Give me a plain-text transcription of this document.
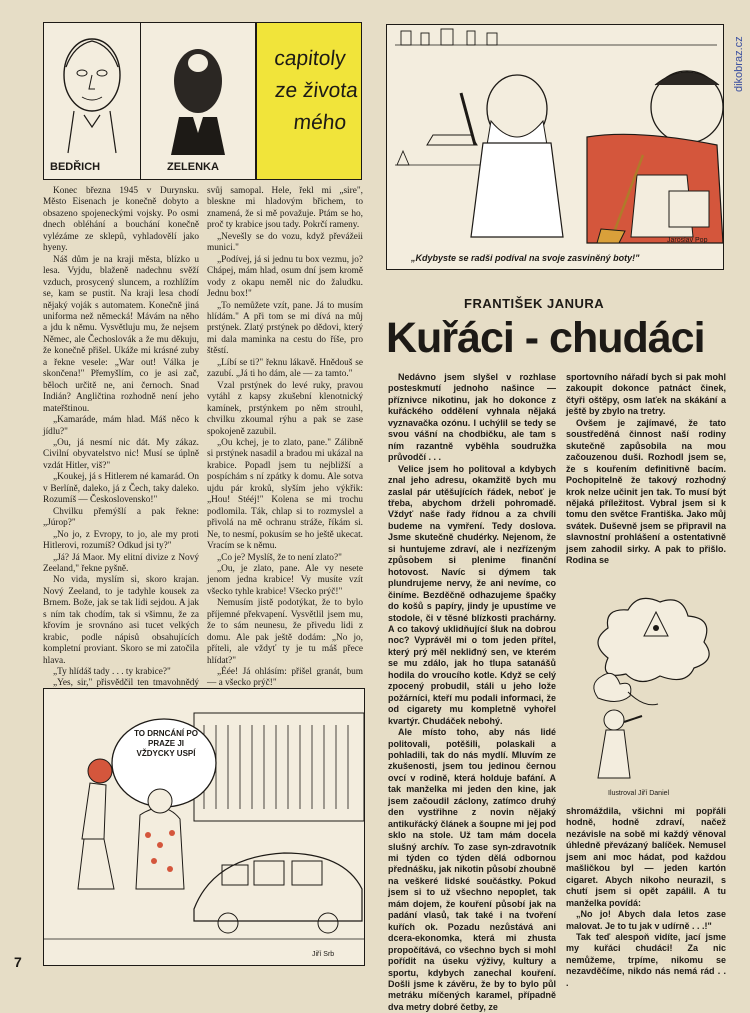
dikobraz.cz
BEDŘICH	ZELENKA
capitoly
ze života
mého

Konec března 1945 v Durynsku. Město Eisenach je konečně dobyto a obsazeno spojeneckými vojsky. Po osmi dnech obléhání a bouchání konečně vylézáme ze sklepů, vyhladovělí jako hyeny.

Náš dům je na kraji města, blízko u lesa. Vyjdu, blaženě nadechnu svěží vzduch, prosycený sluncem, a rozhlížím se, kam se pustit. Na kraji lesa chodí nějaký voják s automatem. Konečně jiná uniforma než německá! Mávám na něho a jdu k němu. Vysvětluju mu, že nejsem Němec, ale Čechoslovák a že mu děkuju, že konečně přišel. Ukáže mi krásné zuby a řekne vesele: „War out! Válka je skončena!" Přemyšlím, co je asi zač, běloch určitě ne, ani černoch. Snad Indián? Angličtina rozhodně není jeho mateřštinou.

„Kamaráde, mám hlad. Máš něco k jídlu?"

„Ou, já nesmí nic dát. My zákaz. Civilní obyvatelstvo nic! Musí se úplně vzdát Hitler, viš?"

„Koukej, já s Hitlerem né kamarád. On v Berlíně, daleko, já z Čech, taky daleko. Rozumíš — Československo!"

Chvilku přemýšlí a pak řekne: „Júrop?"

„No jo, z Evropy, to jo, ale my proti Hitlerovi, rozumíš? Odkud jsi ty?"

„Já? Já Maor. My elitní divize z Nový Zeeland," řekne pyšně.

No vida, myslím si, skoro krajan. Nový Zeeland, to je tadyhle kousek za Brnem. Bože, jak se tak lidi sejdou. A jak s ním tak chodím, tak si všimnu, že za křovím je srovnáno asi tucet velkých krabic, podle nápisů obsahujících kompletní proviant. Skoro se mi zatočila hlava.

„Ty hlídáš tady . . . ty krabice?"

„Yes, sir," přisvědčil ten tmavohnědý

svůj samopal. Hele, řekl mi „sire", bleskne mi hladovým břichem, to znamená, že si mě považuje. Ptám se ho, proč ty krabice jsou tady. Pokrčí rameny.

„Nevešly se do vozu, když převážeii munici."

„Podívej, já si jednu tu box vezmu, jo? Chápej, mám hlad, osum dní jsem kromě vody z okapu neměl nic do žaludku. Jednu box!"

„To nemůžete vzít, pane. Já to musím hlídám." A při tom se mi dívá na můj prstýnek. Zlatý prstýnek po dědovi, který mi dala maminka na cestu do říše, pro štěstí.

„Líbí se ti?" řeknu lákavě. Hnědouš se zazubí. „Já ti ho dám, ale — za tamto."

Vzal prstýnek do levé ruky, pravou vytáhl z kapsy zkušební klenotnický kamínek, prstýnkem po něm strouhl, chvilku zkoumal rýhu a pak se zase spokojeně zazubil.

„Ou kchej, je to zlato, pane." Zálibně si prstýnek nasadil a bradou mi ukázal na krabice. Popadl jsem tu nejbližší a pospíchám s ní zpátky k domu. Ale sotva ujdu pár kroků, slyším jeho výkřik: „Hou! Stééj!" Kolena se mi trochu podlomila. Ták, chlap si to rozmyslel a přivolá na mě ochranu stráže, říkám si. Ne, to nesmí, pokusím se ho ještě ukecat. Vracím se k němu.

„Co je? Myslíš, že to není zlato?"

„Ou, je zlato, pane. Ale vy nesete jenom jedna krabice! Vy musíte vzít všecko tyhle krabice! Všecko prýč!"

Nemusím jistě podotýkat, že to bylo příjemné překvapení. Vysvětlil jsem mu, že to sám neunesu, že přivedu lidi z domu. Ale pak ještě dodám: „No jo, příteli, ale vždyť ty je tu máš přece hlídat?"

„Éée! Já ohlásím: přišel granát, bum — a všecko prýč!"

TO DRNCÁNÍ PO PRAZE JI VŽDYCKY USPÍ
Jiří Srb
7
Jaroslav Pop
„Kdybyste se radši podíval na svoje zasviněný boty!"
FRANTIŠEK JANURA
Kuřáci - chudáci

Nedávno jsem slyšel v rozhlase posteskmutí jednoho našince — příznivce nikotinu, jak ho dokonce z kuřáckého oddělení vyhnala nějaká vyznavačka ozónu. I uchýlil se tedy se svou vášní na chodbičku, ale tam s ním razantně vyběhla soudružka průvodčí . . .

Velice jsem ho politoval a kdybych znal jeho adresu, okamžitě bych mu zaslal pár utěšujících řádek, neboť je třeba, abychom drželi pohromadě. Vždyť naše řady řídnou a za chvíli budeme na vymření. Tedy doslova. Jsme skutečně chudérky. Nejenom, že si huntujeme zdraví, ale i nezřízeným způsobem si plenime finanční hotovost. Navíc si dýmem tak plundrujeme nervy, že ani nevíme, co činíme. Bezděčně odhazujeme špačky do košů s papíry, jindy je upustíme ve stodole, či v těsné blízkosti prachárny. A co takový uklidňující šluk na dobrou noc? Vyprávěl mi o tom jeden přítel, který prý měl nekliđný sen, ve kterém se mu zdálo, jak ho tlupa satanášů hodila do vroucího kotle. Když se celý zpocený probudil, stáli u jeho lože požárníci, kteří mu podali informaci, že od cigarety mu kompletně vyhořel kvartýr. Chudáček nebohý.

Ale místo toho, aby nás lidé politovali, potěšili, polaskali a pohladili, tak do nás mydlí. Mluvím ze zkušenosti, jsem tou jedinou černou ovcí v rodině, která holduje bafání. A tak manželka mi jeden den kine, jak jsem začoudil záclony, zatímco druhý den vystřihne z novin nějaký antikuřácký článek a šoupne mi jej pod sklo na stole. Už tam mám docela slušný archív. To zase syn-zdravotník mi týden co týden dělá odbornou přednášku, jak nikotin působí zhoubně na veškeré lidské součástky. Pokud jsem si to už všechno nepoplet, tak mám dojem, že kouření působí jak na padání vlasů, tak také i na tvoření kuřích ok. Pozadu nezůstává ani dcera-ekonomka, která mi zhusta propočítává, co všechno bych si mohl pořídit na úseku výživy, kultury a sportu, kdybych zanechal kouření. Došli jsme k závěru, že by to bylo půl metráku míčených karamel, případně dva metry dobré četby, ze

sportovního nářadí bych si pak mohl zakoupit dokonce patnáct činek, čtyři oštěpy, osm laťek na skákání a ještě by zbylo na tretry.

Ovšem je zajímavé, že tato soustředěná činnost naší rodiny skutečně zapůsobila na mou začouzenou duši. Rozhodl jsem se, že s kouřením definitivně bacím. Pochopitelně že takový rozhodný krok nelze učinit jen tak. To musí být nějaká příležitost. Vybral jsem si k tomu den světce Františka. Jako můj svátek. Duševně jsem se připravil na slavnostní prohlášení a ostentativně jsem zahodil sirky. A pak to přišlo. Rodina se

Ilustroval Jiří Daniel

shromáždila, všichni mi popřáli hodně, hodně zdraví, načež nezávisle na sobě mi každý věnoval úhledně převázaný balíček. Nemusel jsem ani moc hádat, pod každou mašličkou byl — jeden kartón cigaret. Abych nikoho neurazil, s chutí jsem si opět zapálil. A tu manželka povídá:

„No jo! Abych dala letos zase malovat. Je to tu jak v udírně . . .!"

Tak teď alespoň vidíte, jací jsme my kuřáci chudáci! Za nic nemůžeme, trpíme, nikomu se nezavděčíme, nikdo nás nemá rád . . .
